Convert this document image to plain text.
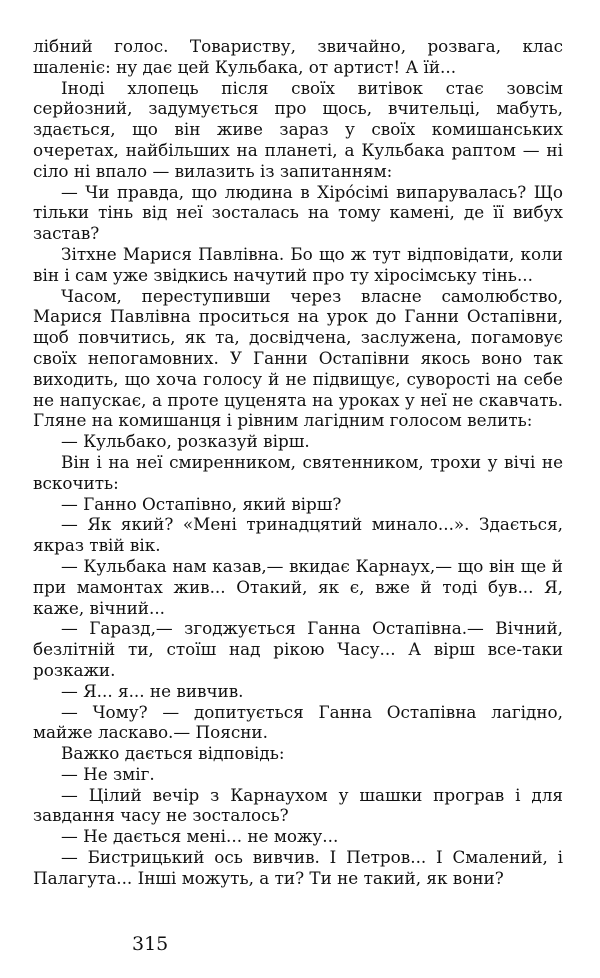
лібний голос. Товариству, звичайно, розвага, клас шаленіє: ну дає цей Кульбака, от артист! А їй...

Іноді хлопець після своїх витівок стає зовсім серйозний, задумується про щось, вчительці, мабуть, здається, що він живе зараз у своїх комишанських очеретах, найбільших на планеті, а Кульбака раптом — ні сіло ні впало — вилазить із запитанням:

— Чи правда, що людина в Хіро́сімі випарувалась? Що тільки тінь від неї зосталась на тому камені, де її вибух застав?

Зітхне Марися Павлівна. Бо що ж тут відповідати, коли він і сам уже звідкись начутий про ту хіросімську тінь...

Часом, переступивши через власне самолюбство, Марися Павлівна проситься на урок до Ганни Остапівни, щоб повчитись, як та, досвідчена, заслужена, погамовує своїх непогамовних. У Ганни Остапівни якось воно так виходить, що хоча голосу й не підвищує, суворості на себе не напускає, а проте цуценята на уроках у неї не скавчать. Гляне на комишанця і рівним лагідним голосом велить:

— Кульбако, розказуй вірш.

Він і на неї смиренником, святенником, трохи у вічі не вскочить:

— Ганно Остапівно, який вірш?

— Як який? «Мені тринадцятий минало...». Здається, якраз твій вік.

— Кульбака нам казав,— вкидає Карнаух,— що він ще й при мамонтах жив... Отакий, як є, вже й тоді був... Я, каже, вічний...

— Гаразд,— згоджується Ганна Остапівна.— Вічний, безлітній ти, стоїш над рікою Часу... А вірш все-таки розкажи.

— Я... я... не вивчив.

— Чому? — допитується Ганна Остапівна лагідно, майже ласкаво.— Поясни.

Важко дається відповідь:

— Не зміг.

— Цілий вечір з Карнаухом у шашки програв і для завдання часу не зосталось?

— Не дається мені... не можу...

— Бистрицький ось вивчив. І Петров... І Смалений, і Палагута... Інші можуть, а ти? Ти не такий, як вони?

315
